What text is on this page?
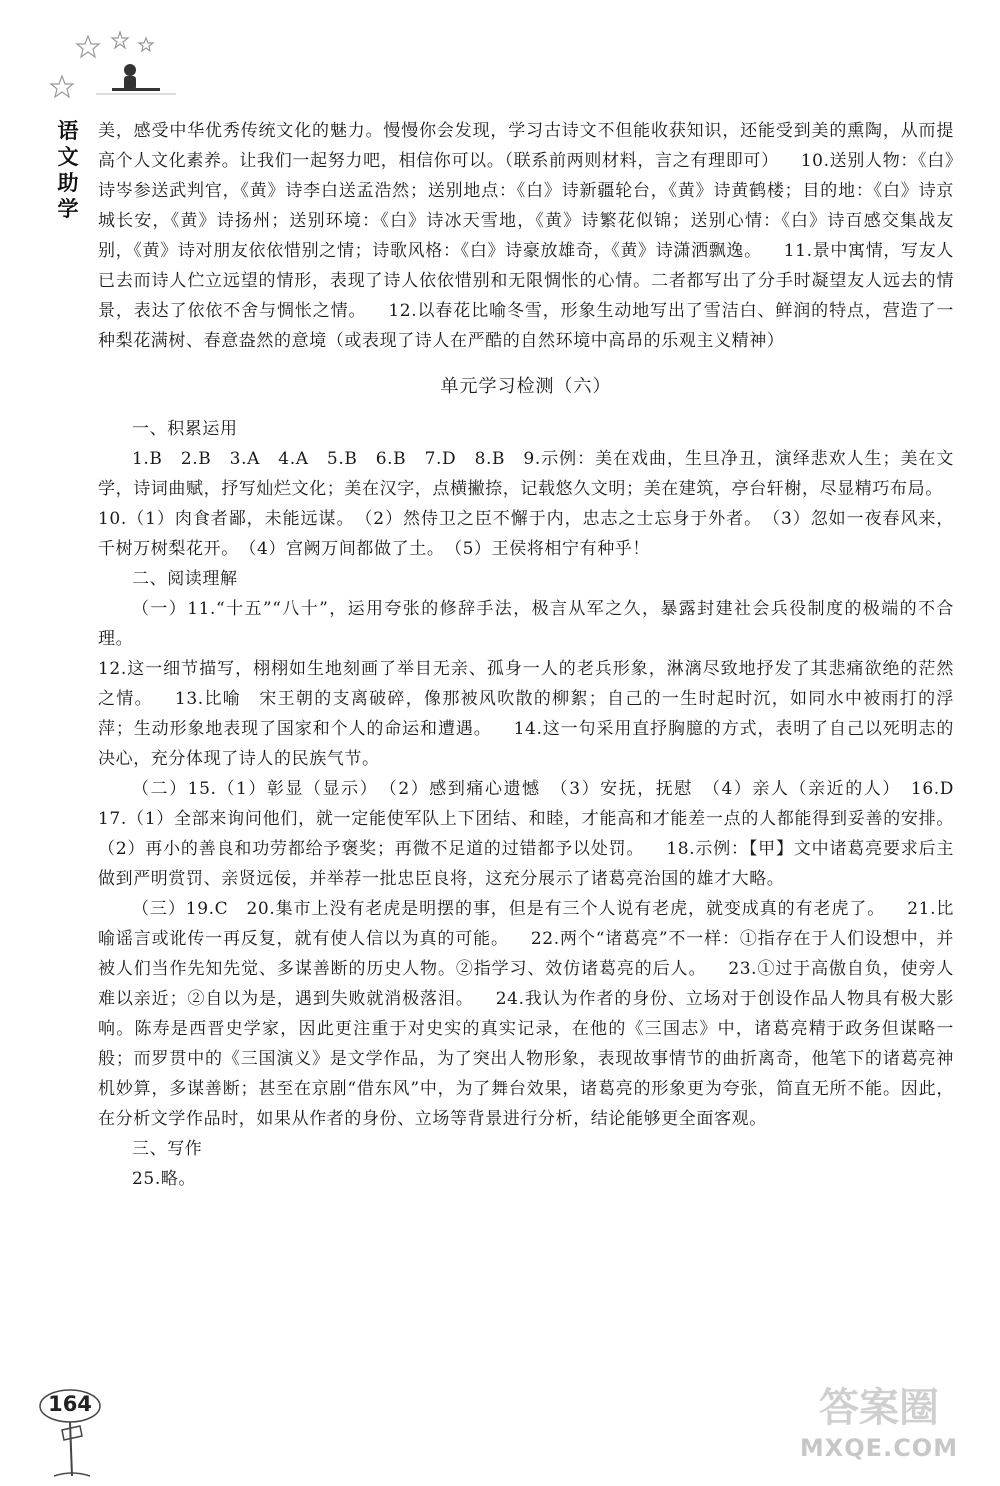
语
文
助
学

美，感受中华优秀传统文化的魅力。慢慢你会发现，学习古诗文不但能收获知识，还能受到美的熏陶，从而提高个人文化素养。让我们一起努力吧，相信你可以。（联系前两则材料，言之有理即可） 10.送别人物：《白》诗岑参送武判官，《黄》诗李白送孟浩然；送别地点：《白》诗新疆轮台，《黄》诗黄鹤楼；目的地：《白》诗京城长安，《黄》诗扬州；送别环境：《白》诗冰天雪地，《黄》诗繁花似锦；送别心情：《白》诗百感交集战友别，《黄》诗对朋友依依惜别之情；诗歌风格：《白》诗豪放雄奇，《黄》诗潇洒飘逸。 11.景中寓情，写友人已去而诗人伫立远望的情形，表现了诗人依依惜别和无限惆怅的心情。二者都写出了分手时凝望友人远去的情景，表达了依依不舍与惆怅之情。 12.以春花比喻冬雪，形象生动地写出了雪洁白、鲜润的特点，营造了一种梨花满树、春意盎然的意境（或表现了诗人在严酷的自然环境中高昂的乐观主义精神）

单元学习检测（六）

一、积累运用

1.B　2.B　3.A　4.A　5.B　6.B　7.D　8.B　9.示例：美在戏曲，生旦净丑，演绎悲欢人生；美在文学，诗词曲赋，抒写灿烂文化；美在汉字，点横撇捺，记载悠久文明；美在建筑，亭台轩榭，尽显精巧布局。

10.（1）肉食者鄙，未能远谋。　（2）然侍卫之臣不懈于内，忠志之士忘身于外者。　（3）忽如一夜春风来，千树万树梨花开。　（4）宫阙万间都做了土。　（5）王侯将相宁有种乎！

二、阅读理解

（一）11.“十五”“八十”，运用夸张的修辞手法，极言从军之久，暴露封建社会兵役制度的极端的不合理。

12.这一细节描写，栩栩如生地刻画了举目无亲、孤身一人的老兵形象，淋漓尽致地抒发了其悲痛欲绝的茫然之情。 13.比喻　宋王朝的支离破碎，像那被风吹散的柳絮；自己的一生时起时沉，如同水中被雨打的浮萍；生动形象地表现了国家和个人的命运和遭遇。 14.这一句采用直抒胸臆的方式，表明了自己以死明志的决心，充分体现了诗人的民族气节。

（二）15.（1）彰显（显示）　（2）感到痛心遗憾　（3）安抚，抚慰　（4）亲人（亲近的人）　16.D　17.（1）全部来询问他们，就一定能使军队上下团结、和睦，才能高和才能差一点的人都能得到妥善的安排。（2）再小的善良和功劳都给予褒奖；再微不足道的过错都予以处罚。 18.示例：【甲】文中诸葛亮要求后主做到严明赏罚、亲贤远佞，并举荐一批忠臣良将，这充分展示了诸葛亮治国的雄才大略。

（三）19.C　20.集市上没有老虎是明摆的事，但是有三个人说有老虎，就变成真的有老虎了。 21.比喻谣言或讹传一再反复，就有使人信以为真的可能。 22.两个“诸葛亮”不一样：①指存在于人们设想中，并被人们当作先知先觉、多谋善断的历史人物。②指学习、效仿诸葛亮的后人。 23.①过于高傲自负，使旁人难以亲近；②自以为是，遇到失败就消极落泪。 24.我认为作者的身份、立场对于创设作品人物具有极大影响。陈寿是西晋史学家，因此更注重于对史实的真实记录，在他的《三国志》中，诸葛亮精于政务但谋略一般；而罗贯中的《三国演义》是文学作品，为了突出人物形象，表现故事情节的曲折离奇，他笔下的诸葛亮神机妙算，多谋善断；甚至在京剧“借东风”中，为了舞台效果，诸葛亮的形象更为夸张，简直无所不能。因此，在分析文学作品时，如果从作者的身份、立场等背景进行分析，结论能够更全面客观。

三、写作

25.略。

164	答案圈
MXQE.COM
